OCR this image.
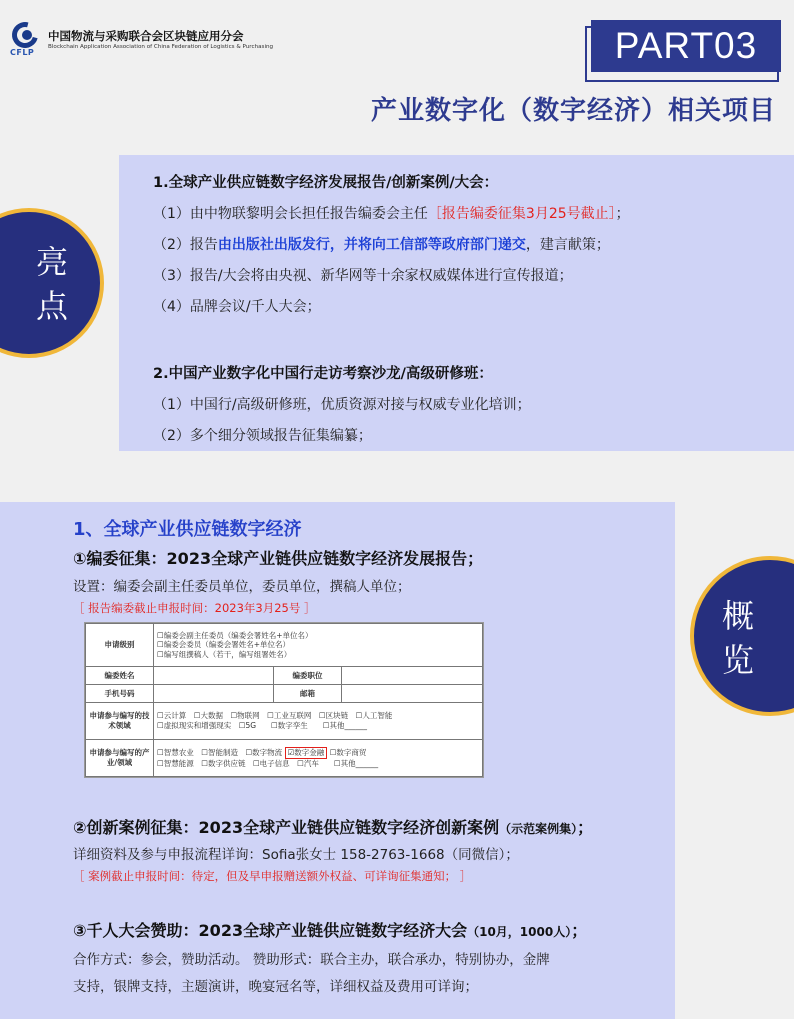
CFLP
中国物流与采购联合会区块链应用分会
Blockchain Application Association of China Federation of Logistics & Purchasing	PART03
产业数字化（数字经济）相关项目
1.全球产业供应链数字经济发展报告/创新案例/大会：
（1）由中物联黎明会长担任报告编委会主任［报告编委征集3月25号截止］；
（2）报告由出版社出版发行，并将向工信部等政府部门递交，建言献策；
（3）报告/大会将由央视、新华网等十余家权威媒体进行宣传报道；
（4）品牌会议/千人大会；
2.中国产业数字化中国行走访考察沙龙/高级研修班：
（1）中国行/高级研修班，优质资源对接与权威专业化培训；
（2）多个细分领域报告征集编纂；
亮
点
1、全球产业供应链数字经济
①编委征集：2023全球产业链供应链数字经济发展报告；
设置：编委会副主任委员单位，委员单位，撰稿人单位；
［ 报告编委截止申报时间：2023年3月25号 ］
申请级别	☐编委会副主任委员（编委会署姓名+单位名）
☐编委会委员（编委会署姓名+单位名）
☐编写组撰稿人（若干，编写组署姓名）		

编委姓名		编委职位	
手机号码		邮箱	
申请参与编写的技术领域	☐云计算　☐大数据　☐物联网　☐工业互联网　☐区块链　☐人工智能
☐虚拟现实和增强现实　☐5G　　☐数字孪生　　☐其他______		

申请参与编写的产业/领域	☐智慧农业　☐智能制造　☐数字物流 ☑数字金融 ☐数字商贸
☐智慧能源　☐数字供应链　☐电子信息　☐汽车　　☐其他______		
②创新案例征集：2023全球产业链供应链数字经济创新案例（示范案例集）；
详细资料及参与申报流程详询：Sofia张女士 158-2763-1668（同微信）；
［ 案例截止申报时间：待定，但及早申报赠送额外权益、可详询征集通知； ］
③千人大会赞助：2023全球产业链供应链数字经济大会（10月，1000人）；
合作方式：参会，赞助活动。 赞助形式：联合主办，联合承办，特别协办，金牌
支持，银牌支持，主题演讲，晚宴冠名等，详细权益及费用可详询；
概
览
